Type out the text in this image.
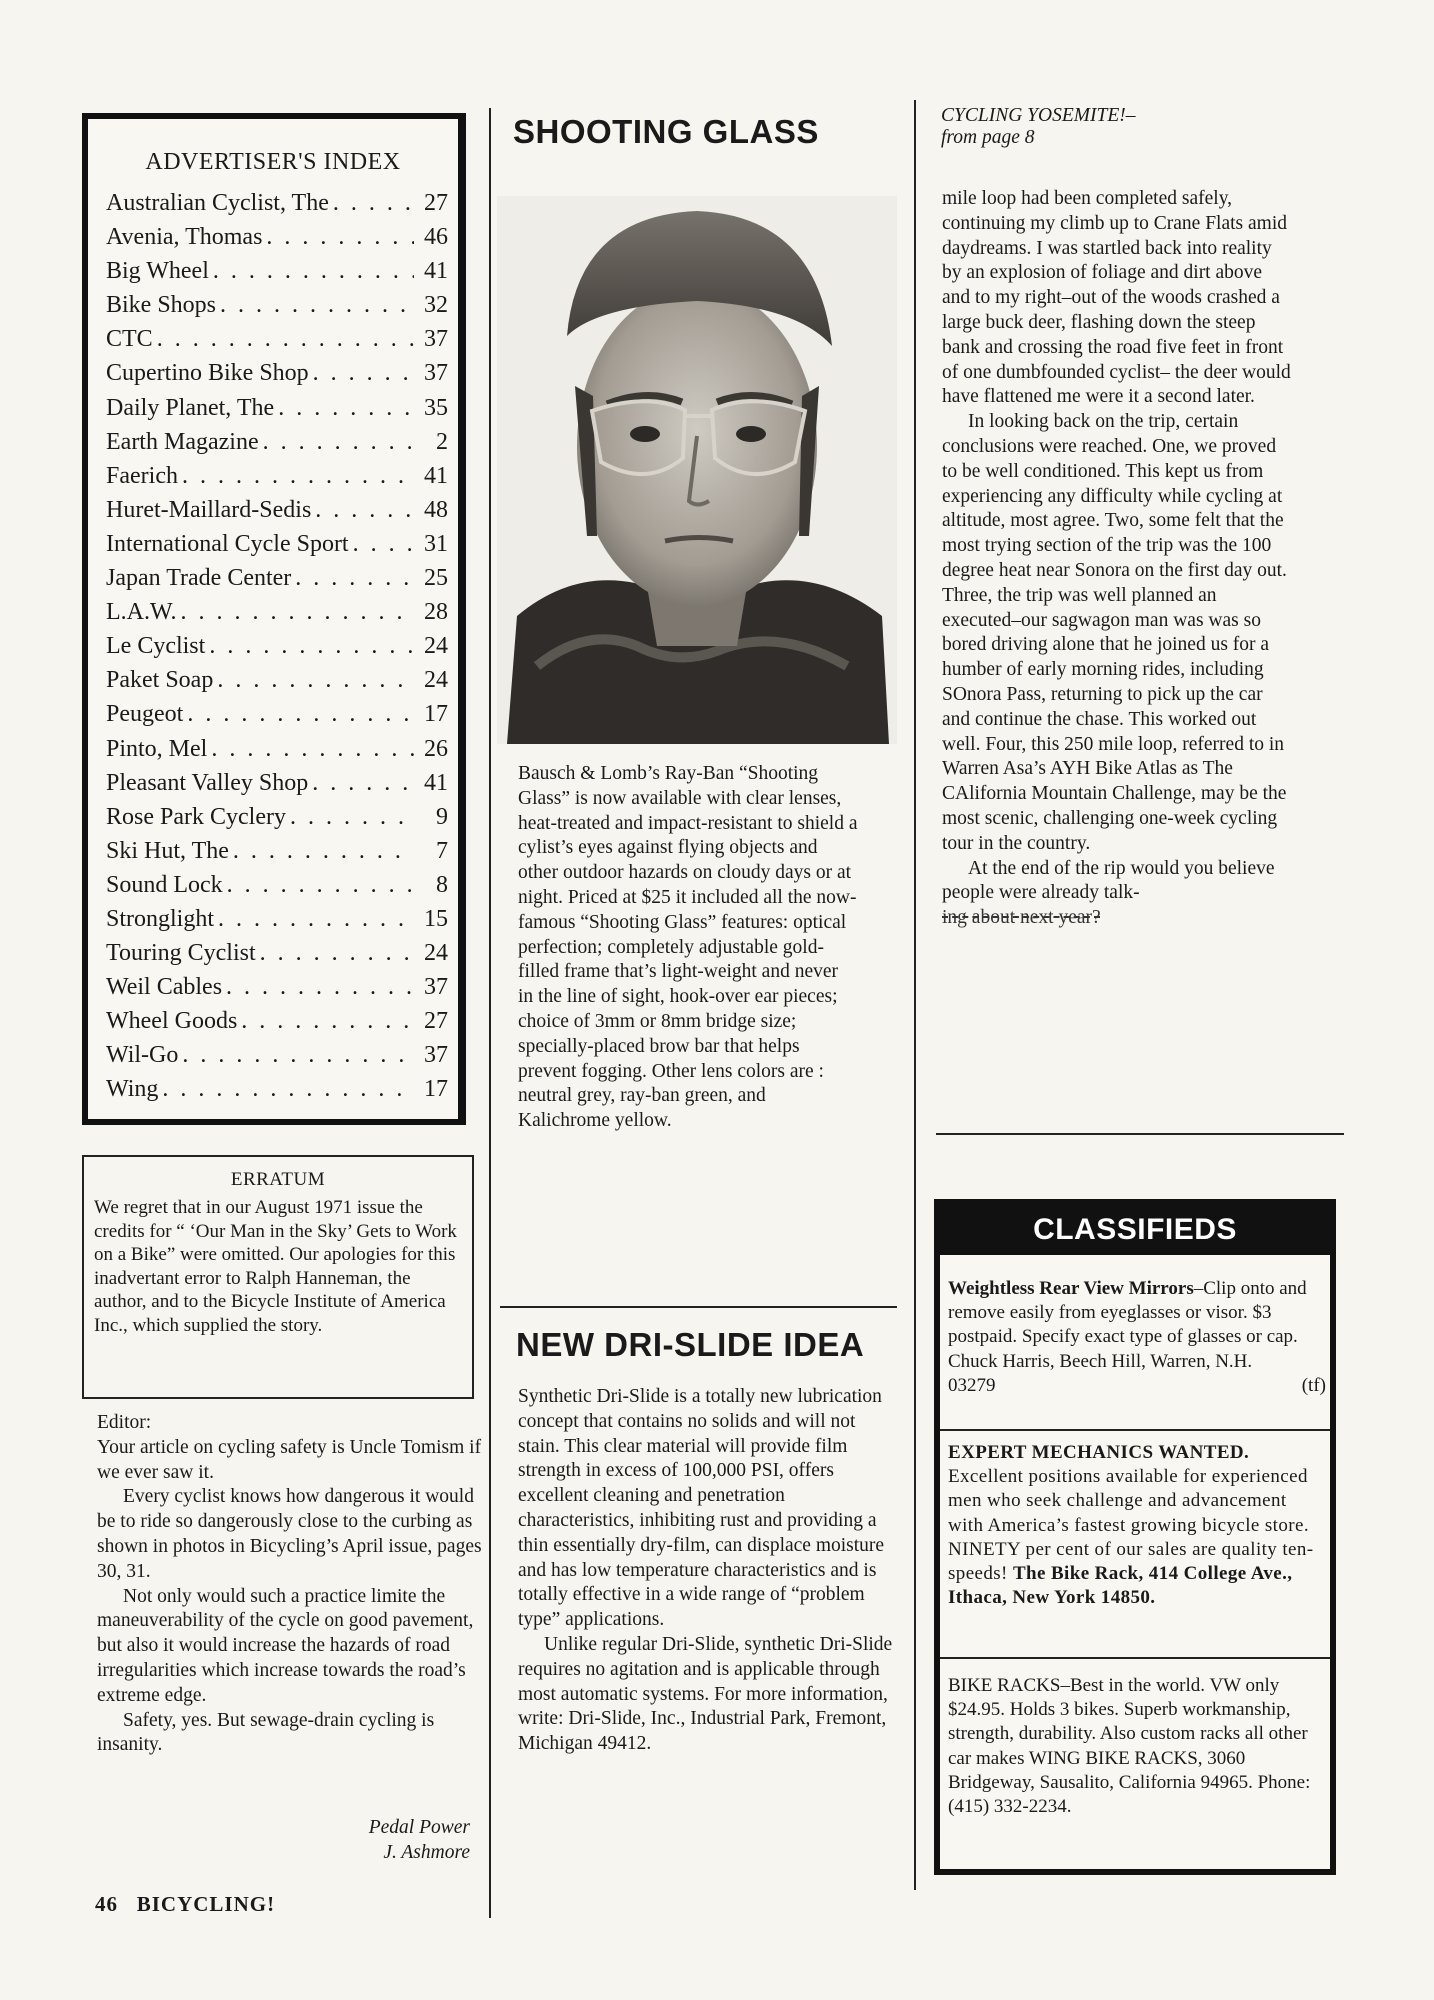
ADVERTISER'S INDEX
Australian Cyclist, The . . .	27
Avenia, Thomas . . .	46
Big Wheel . . .	41
Bike Shops . . .	32
CTC . . .	37
Cupertino Bike Shop . . .	37
Daily Planet, The . . .	35
Earth Magazine . . .	2
Faerich . . .	41
Huret-Maillard-Sedis . . .	48
International Cycle Sport . . .	31
Japan Trade Center . . .	25
L.A.W. . . .	28
Le Cyclist . . .	24
Paket Soap . . .	24
Peugeot . . .	17
Pinto, Mel . . .	26
Pleasant Valley Shop . . .	41
Rose Park Cyclery . . .	9
Ski Hut, The . . .	7
Sound Lock . . .	8
Stronglight . . .	15
Touring Cyclist . . .	24
Weil Cables . . .	37
Wheel Goods . . .	27
Wil-Go . . .	37
Wing . . .	17
ERRATUM
We regret that in our August 1971 issue the credits for “ ‘Our Man in the Sky’ Gets to Work on a Bike” were omitted. Our apologies for this inadvertant error to Ralph Hanneman, the author, and to the Bicycle Institute of America Inc., which supplied the story.
Editor:
Your article on cycling safety is Uncle Tomism if we ever saw it.
Every cyclist knows how dangerous it would be to ride so dangerously close to the curbing as shown in photos in Bicycling’s April issue, pages 30, 31.
Not only would such a practice limite the maneuverability of the cycle on good pavement, but also it would increase the hazards of road irregularities which increase towards the road’s extreme edge.
Safety, yes. But sewage-drain cycling is insanity.
Pedal Power
J. Ashmore
46 BICYCLING!
SHOOTING GLASS
Bausch & Lomb’s Ray-Ban “Shooting Glass” is now available with clear lenses, heat-treated and impact-resistant to shield a cylist’s eyes against flying objects and other outdoor hazards on cloudy days or at night. Priced at $25 it included all the now-famous “Shooting Glass” features: optical perfection; completely adjustable gold-filled frame that’s light-weight and never in the line of sight, hook-over ear pieces; choice of 3mm or 8mm bridge size; specially-placed brow bar that helps prevent fogging. Other lens colors are : neutral grey, ray-ban green, and Kalichrome yellow.
NEW DRI-SLIDE IDEA
Synthetic Dri-Slide is a totally new lubrication concept that contains no solids and will not stain. This clear material will provide film strength in excess of 100,000 PSI, offers excellent cleaning and penetration characteristics, inhibiting rust and providing a thin essentially dry-film, can displace moisture and has low temperature characteristics and is totally effective in a wide range of “problem type” applications.
Unlike regular Dri-Slide, synthetic Dri-Slide requires no agitation and is applicable through most automatic systems. For more information, write: Dri-Slide, Inc., Industrial Park, Fremont, Michigan 49412.
CYCLING YOSEMITE!–
from page 8
mile loop had been completed safely, continuing my climb up to Crane Flats amid daydreams. I was startled back into reality by an explosion of foliage and dirt above and to my right–out of the woods crashed a large buck deer, flashing down the steep bank and crossing the road five feet in front of one dumbfounded cyclist– the deer would have flattened me were it a second later.
In looking back on the trip, certain conclusions were reached. One, we proved to be well conditioned. This kept us from experiencing any difficulty while cycling at altitude, most agree. Two, some felt that the most trying section of the trip was the 100 degree heat near Sonora on the first day out. Three, the trip was well planned an executed–our sagwagon man was was so bored driving alone that he joined us for a humber of early morning rides, including SOnora Pass, returning to pick up the car and continue the chase. This worked out well. Four, this 250 mile loop, referred to in Warren Asa’s AYH Bike Atlas as The CAlifornia Mountain Challenge, may be the most scenic, challenging one-week cycling tour in the country.
At the end of the rip would you believe people were already talk-
ing about next year?
CLASSIFIEDS
Weightless Rear View Mirrors–Clip onto and remove easily from eyeglasses or visor. $3 postpaid. Specify exact type of glasses or cap. Chuck Harris, Beech Hill, Warren, N.H.
03279	(tf)
EXPERT MECHANICS WANTED. Excellent positions available for experienced men who seek challenge and advancement with America’s fastest growing bicycle store. NINETY per cent of our sales are quality ten-speeds! The Bike Rack, 414 College Ave., Ithaca, New York 14850.
BIKE RACKS–Best in the world. VW only $24.95. Holds 3 bikes. Superb workmanship, strength, durability. Also custom racks all other car makes WING BIKE RACKS, 3060 Bridgeway, Sausalito, California 94965. Phone: (415) 332-2234.
